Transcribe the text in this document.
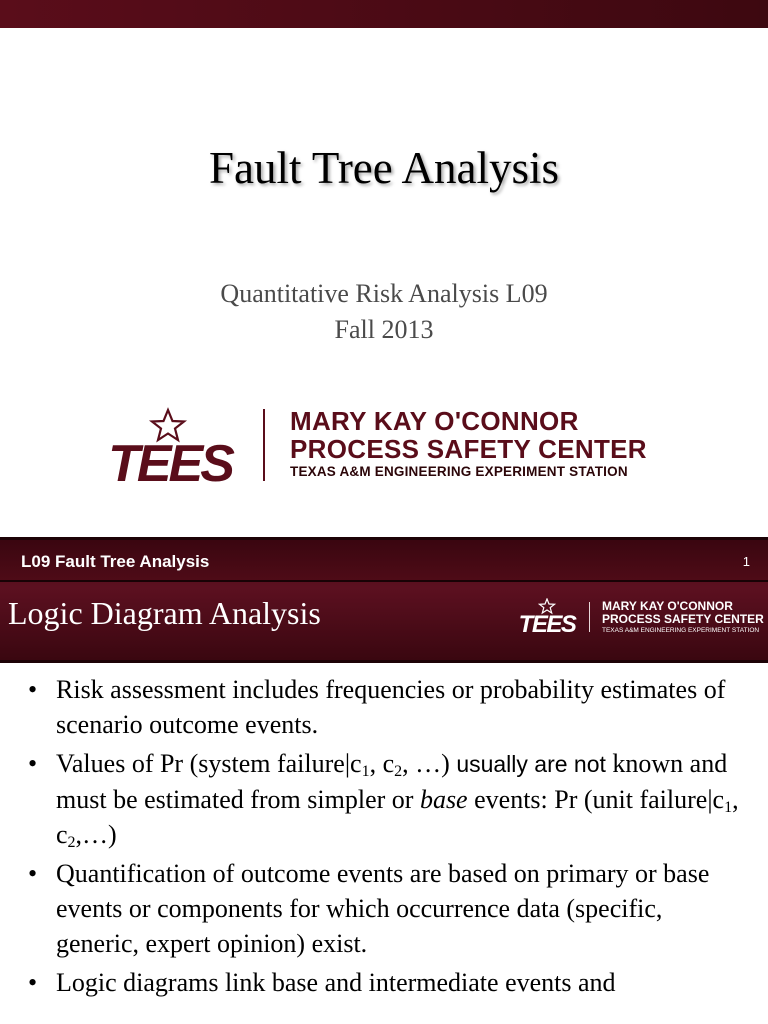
Fault Tree Analysis
Quantitative Risk Analysis L09
Fall 2013
TEES
MARY KAY O'CONNOR
PROCESS SAFETY CENTER
TEXAS A&M ENGINEERING EXPERIMENT STATION
L09 Fault Tree Analysis	1
Logic Diagram Analysis	TEES
MARY KAY O'CONNOR
PROCESS SAFETY CENTER
TEXAS A&M ENGINEERING EXPERIMENT STATION
• Risk assessment includes frequencies or probability estimates of scenario outcome events.
• Values of Pr (system $failure|c_1$, $c_2$, …) usually are not known and must be estimated from simpler or base events: Pr (unit $failure|c_1$, $c_2,\dots$)
• Quantification of outcome events are based on primary or base events or components for which occurrence data (specific, generic, expert opinion) exist.
• Logic diagrams link base and intermediate events and
